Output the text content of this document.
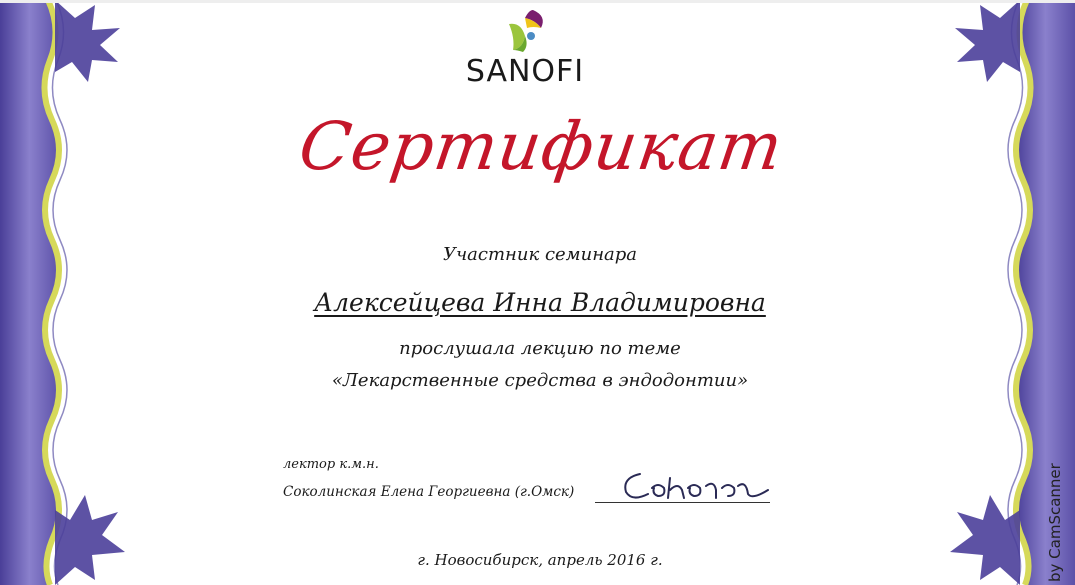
SANOFI
Сертификат
Участник семинара
Алексейцева Инна Владимировна
прослушала лекцию по теме
«Лекарственные средства в эндодонтии»
лектор к.м.н.
Соколинская Елена Георгиевна (г.Омск)
г. Новосибирск, апрель 2016 г.	by CamScanner
